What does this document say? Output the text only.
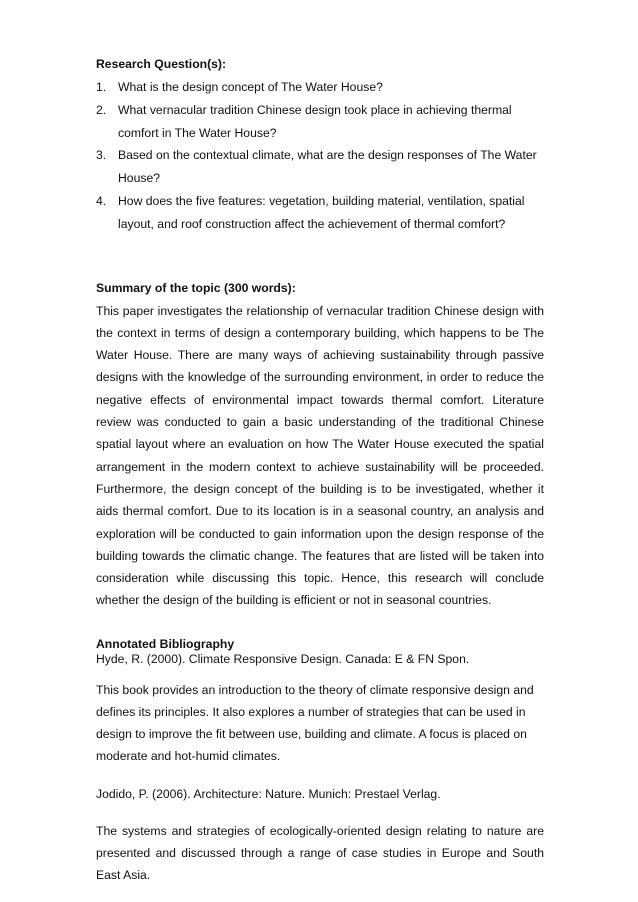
Research Question(s):

1. What is the design concept of The Water House?
2. What vernacular tradition Chinese design took place in achieving thermal comfort in The Water House?
3. Based on the contextual climate, what are the design responses of The Water House?
4. How does the five features: vegetation, building material, ventilation, spatial layout, and roof construction affect the achievement of thermal comfort?

Summary of the topic (300 words):

This paper investigates the relationship of vernacular tradition Chinese design with the context in terms of design a contemporary building, which happens to be The Water House. There are many ways of achieving sustainability through passive designs with the knowledge of the surrounding environment, in order to reduce the negative effects of environmental impact towards thermal comfort. Literature review was conducted to gain a basic understanding of the traditional Chinese spatial layout where an evaluation on how The Water House executed the spatial arrangement in the modern context to achieve sustainability will be proceeded. Furthermore, the design concept of the building is to be investigated, whether it aids thermal comfort. Due to its location is in a seasonal country, an analysis and exploration will be conducted to gain information upon the design response of the building towards the climatic change. The features that are listed will be taken into consideration while discussing this topic. Hence, this research will conclude whether the design of the building is efficient or not in seasonal countries.

Annotated Bibliography

Hyde, R. (2000). Climate Responsive Design. Canada: E & FN Spon.

This book provides an introduction to the theory of climate responsive design and defines its principles. It also explores a number of strategies that can be used in design to improve the fit between use, building and climate. A focus is placed on moderate and hot-humid climates.

Jodido, P. (2006). Architecture: Nature. Munich: Prestael Verlag.

The systems and strategies of ecologically-oriented design relating to nature are presented and discussed through a range of case studies in Europe and South East Asia.
